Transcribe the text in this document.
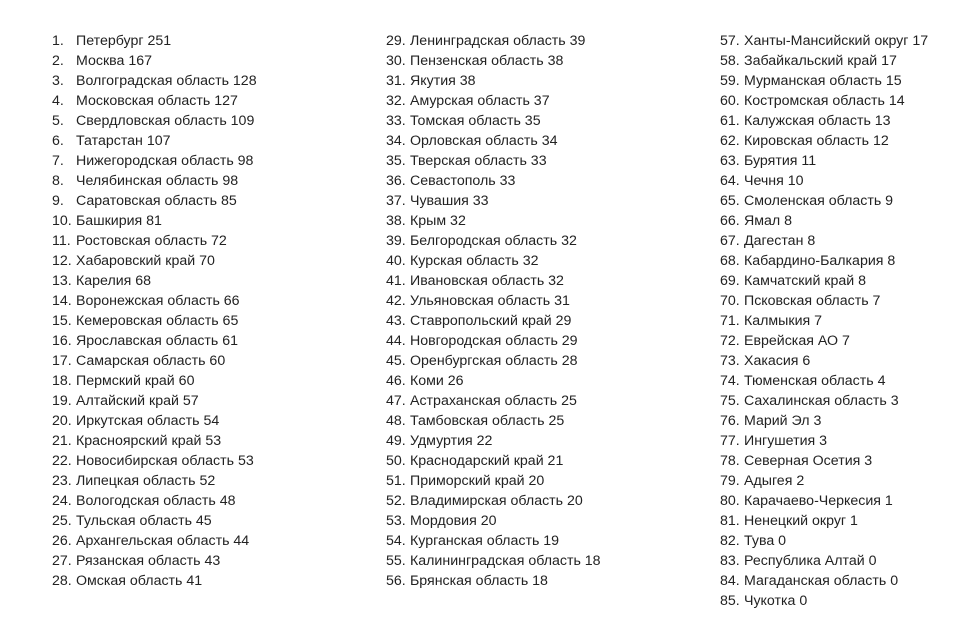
1. Петербург 251
2. Москва 167
3. Волгоградская область 128
4. Московская область 127
5. Свердловская область 109
6. Татарстан 107
7. Нижегородская область 98
8. Челябинская область 98
9. Саратовская область 85
10. Башкирия 81
11. Ростовская область 72
12. Хабаровский край 70
13. Карелия 68
14. Воронежская область 66
15. Кемеровская область 65
16. Ярославская область 61
17. Самарская область 60
18. Пермский край 60
19. Алтайский край 57
20. Иркутская область 54
21. Красноярский край 53
22. Новосибирская область 53
23. Липецкая область 52
24. Вологодская область 48
25. Тульская область 45
26. Архангельская область 44
27. Рязанская область 43
28. Омская область 41
29. Ленинградская область 39
30. Пензенская область 38
31. Якутия 38
32. Амурская область 37
33. Томская область 35
34. Орловская область 34
35. Тверская область 33
36. Севастополь 33
37. Чувашия 33
38. Крым 32
39. Белгородская область 32
40. Курская область 32
41. Ивановская область 32
42. Ульяновская область 31
43. Ставропольский край 29
44. Новгородская область 29
45. Оренбургская область 28
46. Коми 26
47. Астраханская область 25
48. Тамбовская область 25
49. Удмуртия 22
50. Краснодарский край 21
51. Приморский край 20
52. Владимирская область 20
53. Мордовия 20
54. Курганская область 19
55. Калининградская область 18
56. Брянская область 18
57. Ханты-Мансийский округ 17
58. Забайкальский край 17
59. Мурманская область 15
60. Костромская область 14
61. Калужская область 13
62. Кировская область 12
63. Бурятия 11
64. Чечня 10
65. Смоленская область 9
66. Ямал 8
67. Дагестан 8
68. Кабардино-Балкария 8
69. Камчатский край 8
70. Псковская область 7
71. Калмыкия 7
72. Еврейская АО 7
73. Хакасия 6
74. Тюменская область 4
75. Сахалинская область 3
76. Марий Эл 3
77. Ингушетия 3
78. Северная Осетия 3
79. Адыгея 2
80. Карачаево-Черкесия 1
81. Ненецкий округ 1
82. Тува 0
83. Республика Алтай 0
84. Магаданская область 0
85. Чукотка 0
